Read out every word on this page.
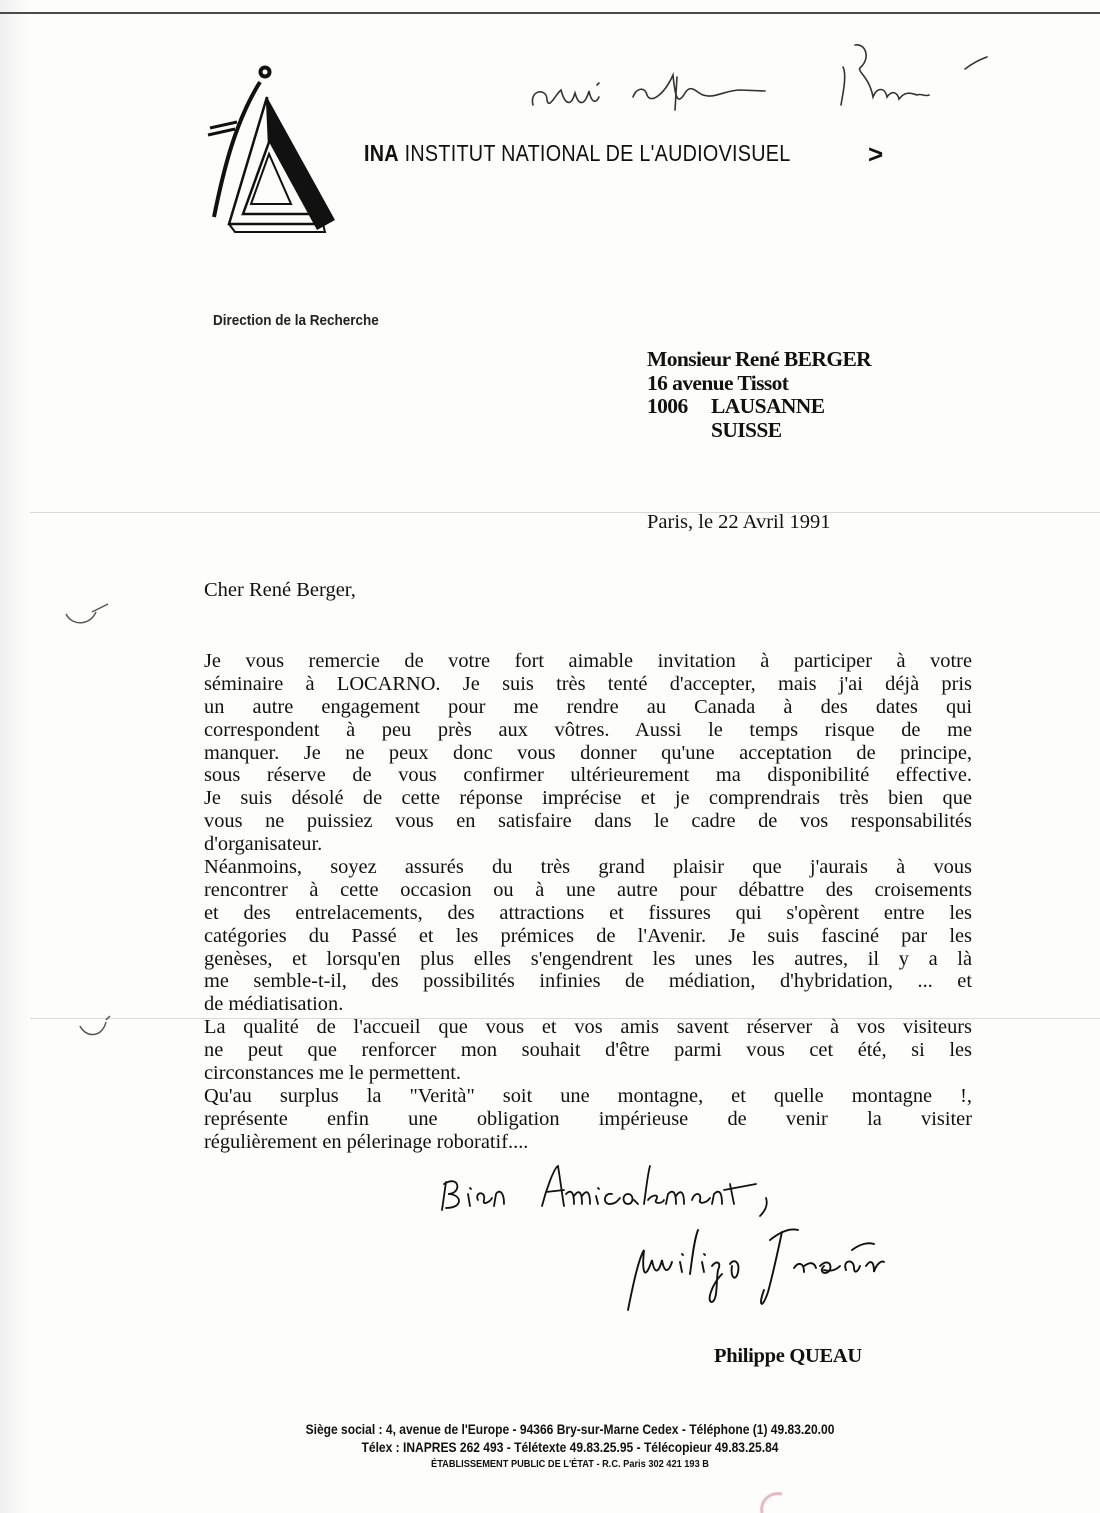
INA INSTITUT NATIONAL DE L'AUDIOVISUEL	>
Direction de la Recherche
Monsieur René BERGER
16 avenue Tissot
1006 LAUSANNE
SUISSE
Paris, le 22 Avril 1991
Cher René Berger,
Je vous remercie de votre fort aimable invitation à participer à votre
séminaire à LOCARNO. Je suis très tenté d'accepter, mais j'ai déjà pris
un autre engagement pour me rendre au Canada à des dates qui
correspondent à peu près aux vôtres. Aussi le temps risque de me
manquer. Je ne peux donc vous donner qu'une acceptation de principe,
sous réserve de vous confirmer ultérieurement ma disponibilité effective.
Je suis désolé de cette réponse imprécise et je comprendrais très bien que
vous ne puissiez vous en satisfaire dans le cadre de vos responsabilités
d'organisateur.
Néanmoins, soyez assurés du très grand plaisir que j'aurais à vous
rencontrer à cette occasion ou à une autre pour débattre des croisements
et des entrelacements, des attractions et fissures qui s'opèrent entre les
catégories du Passé et les prémices de l'Avenir. Je suis fasciné par les
genèses, et lorsqu'en plus elles s'engendrent les unes les autres, il y a là
me semble-t-il, des possibilités infinies de médiation, d'hybridation, ... et
de médiatisation.
La qualité de l'accueil que vous et vos amis savent réserver à vos visiteurs
ne peut que renforcer mon souhait d'être parmi vous cet été, si les
circonstances me le permettent.
Qu'au surplus la "Verità" soit une montagne, et quelle montagne !,
représente enfin une obligation impérieuse de venir la visiter
régulièrement en pélerinage roboratif....
Philippe QUEAU
Siège social : 4, avenue de l'Europe - 94366 Bry-sur-Marne Cedex - Téléphone (1) 49.83.20.00
Télex : INAPRES 262 493 - Télétexte 49.83.25.95 - Télécopieur 49.83.25.84
ÉTABLISSEMENT PUBLIC DE L'ÉTAT - R.C. Paris 302 421 193 B
